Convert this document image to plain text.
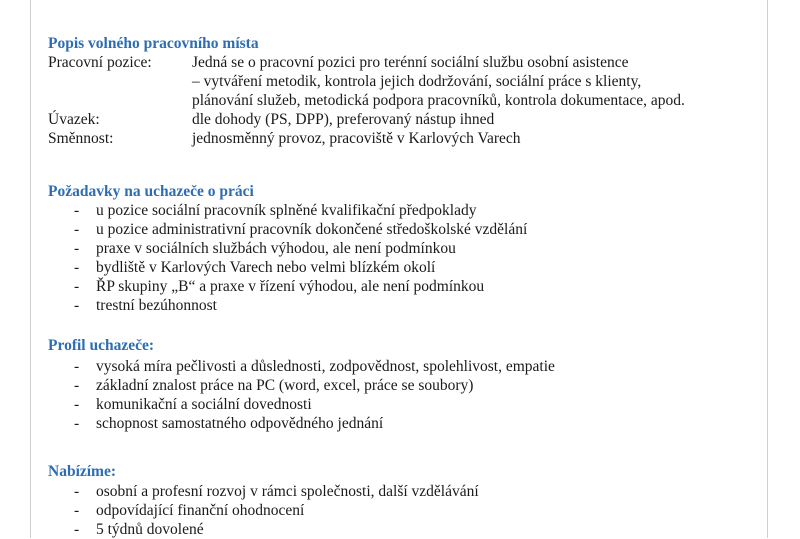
Popis volného pracovního místa
Pracovní pozice:	Jedná se o pracovní pozici pro terénní sociální službu osobní asistence
– vytváření metodik, kontrola jejich dodržování, sociální práce s klienty,
plánování služeb, metodická podpora pracovníků, kontrola dokumentace, apod.
Úvazek:	dle dohody (PS, DPP), preferovaný nástup ihned
Směnnost:	jednosměnný provoz, pracoviště v Karlových Varech
Požadavky na uchazeče o práci
-	u pozice sociální pracovník splněné kvalifikační předpoklady
-	u pozice administrativní pracovník dokončené středoškolské vzdělání
-	praxe v sociálních službách výhodou, ale není podmínkou
-	bydliště v Karlových Varech nebo velmi blízkém okolí
-	ŘP skupiny „B“ a praxe v řízení výhodou, ale není podmínkou
-	trestní bezúhonnost
Profil uchazeče:
-	vysoká míra pečlivosti a důslednosti, zodpovědnost, spolehlivost, empatie
-	základní znalost práce na PC (word, excel, práce se soubory)
-	komunikační a sociální dovednosti
-	schopnost samostatného odpovědného jednání
Nabízíme:
-	osobní a profesní rozvoj v rámci společnosti, další vzdělávání
-	odpovídající finanční ohodnocení
-	5 týdnů dovolené
